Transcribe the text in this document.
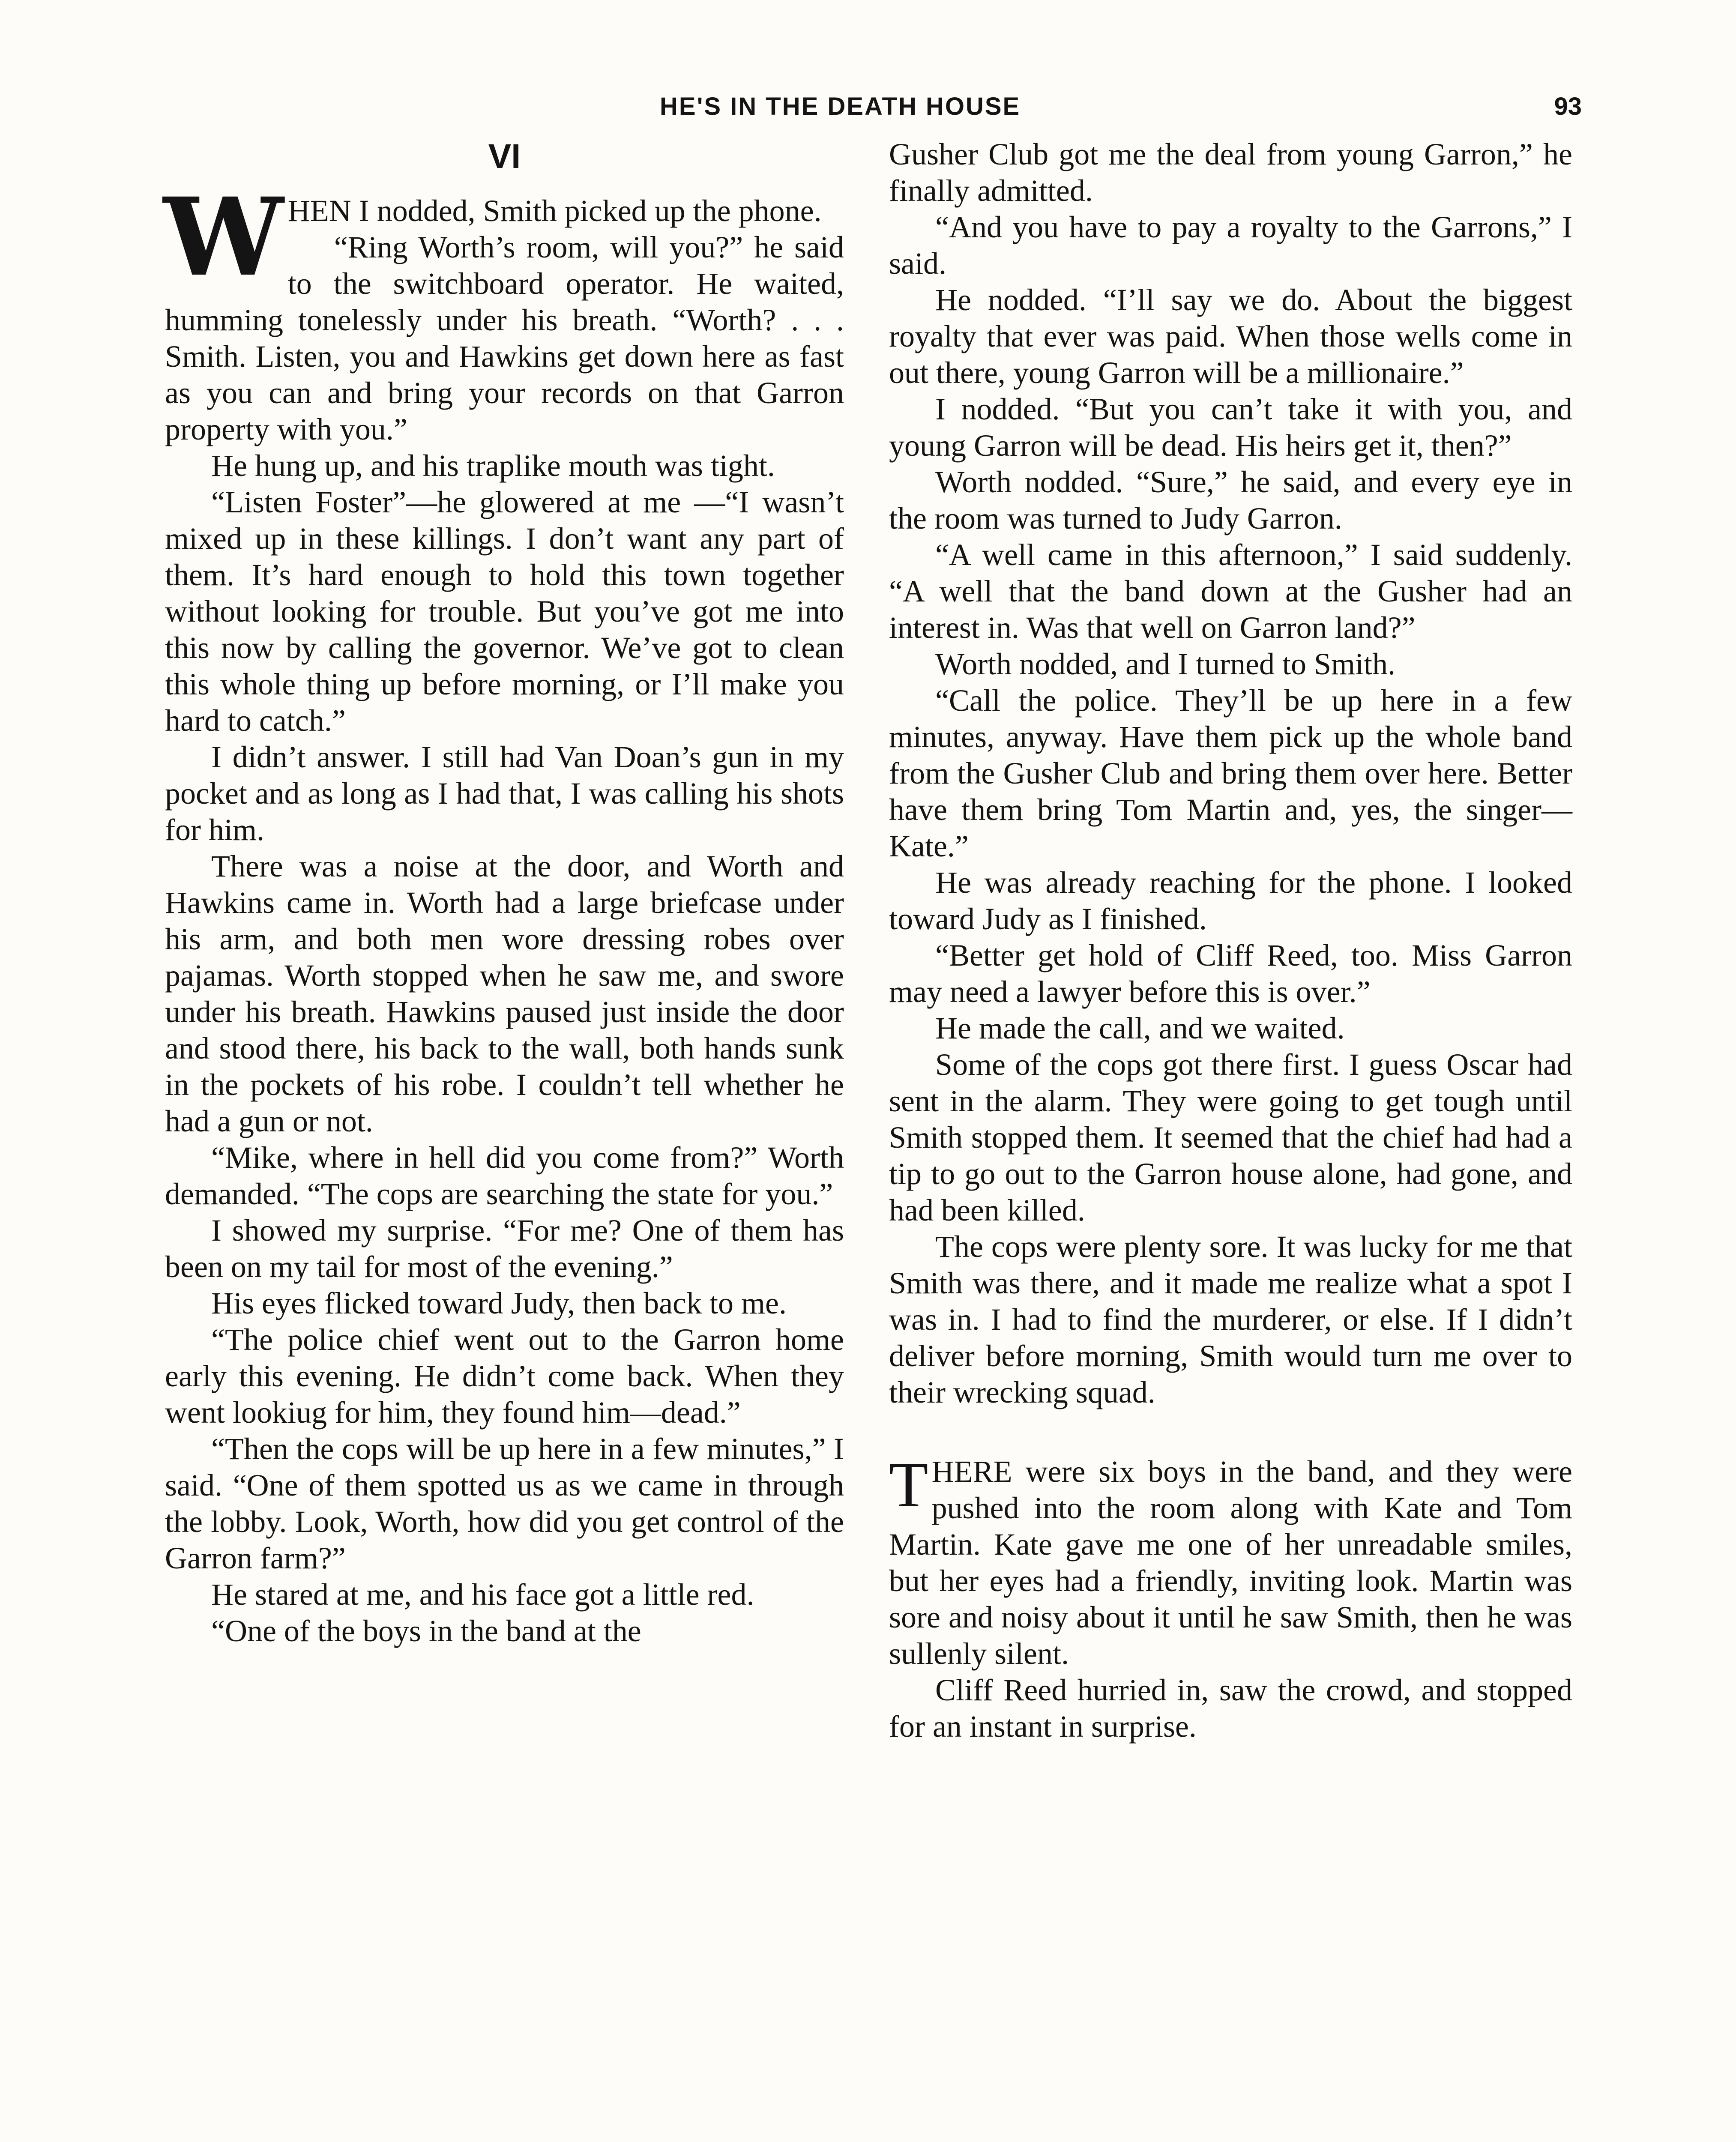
HE'S IN THE DEATH HOUSE	93
VI

WHEN I nodded, Smith picked up the phone.

“Ring Worth’s room, will you?” he said to the switchboard operator. He waited, humming tonelessly under his breath. “Worth? . . . Smith. Listen, you and Hawkins get down here as fast as you can and bring your records on that Garron property with you.”

He hung up, and his traplike mouth was tight.

“Listen Foster”—he glowered at me —“I wasn’t mixed up in these killings. I don’t want any part of them. It’s hard enough to hold this town together without looking for trouble. But you’ve got me into this now by calling the governor. We’ve got to clean this whole thing up before morning, or I’ll make you hard to catch.”

I didn’t answer. I still had Van Doan’s gun in my pocket and as long as I had that, I was calling his shots for him.

There was a noise at the door, and Worth and Hawkins came in. Worth had a large briefcase under his arm, and both men wore dressing robes over pajamas. Worth stopped when he saw me, and swore under his breath. Hawkins paused just inside the door and stood there, his back to the wall, both hands sunk in the pockets of his robe. I couldn’t tell whether he had a gun or not.

“Mike, where in hell did you come from?” Worth demanded. “The cops are searching the state for you.”

I showed my surprise. “For me? One of them has been on my tail for most of the evening.”

His eyes flicked toward Judy, then back to me.

“The police chief went out to the Garron home early this evening. He didn’t come back. When they went lookiug for him, they found him—dead.”

“Then the cops will be up here in a few minutes,” I said. “One of them spotted us as we came in through the lobby. Look, Worth, how did you get control of the Garron farm?”

He stared at me, and his face got a little red.

“One of the boys in the band at the

Gusher Club got me the deal from young Garron,” he finally admitted.

“And you have to pay a royalty to the Garrons,” I said.

He nodded. “I’ll say we do. About the biggest royalty that ever was paid. When those wells come in out there, young Garron will be a millionaire.”

I nodded. “But you can’t take it with you, and young Garron will be dead. His heirs get it, then?”

Worth nodded. “Sure,” he said, and every eye in the room was turned to Judy Garron.

“A well came in this afternoon,” I said suddenly. “A well that the band down at the Gusher had an interest in. Was that well on Garron land?”

Worth nodded, and I turned to Smith.

“Call the police. They’ll be up here in a few minutes, anyway. Have them pick up the whole band from the Gusher Club and bring them over here. Better have them bring Tom Martin and, yes, the singer—Kate.”

He was already reaching for the phone. I looked toward Judy as I finished.

“Better get hold of Cliff Reed, too. Miss Garron may need a lawyer before this is over.”

He made the call, and we waited.

Some of the cops got there first. I guess Oscar had sent in the alarm. They were going to get tough until Smith stopped them. It seemed that the chief had had a tip to go out to the Garron house alone, had gone, and had been killed.

The cops were plenty sore. It was lucky for me that Smith was there, and it made me realize what a spot I was in. I had to find the murderer, or else. If I didn’t deliver before morning, Smith would turn me over to their wrecking squad.

THERE were six boys in the band, and they were pushed into the room along with Kate and Tom Martin. Kate gave me one of her unreadable smiles, but her eyes had a friendly, inviting look. Martin was sore and noisy about it until he saw Smith, then he was sullenly silent.

Cliff Reed hurried in, saw the crowd, and stopped for an instant in surprise.
